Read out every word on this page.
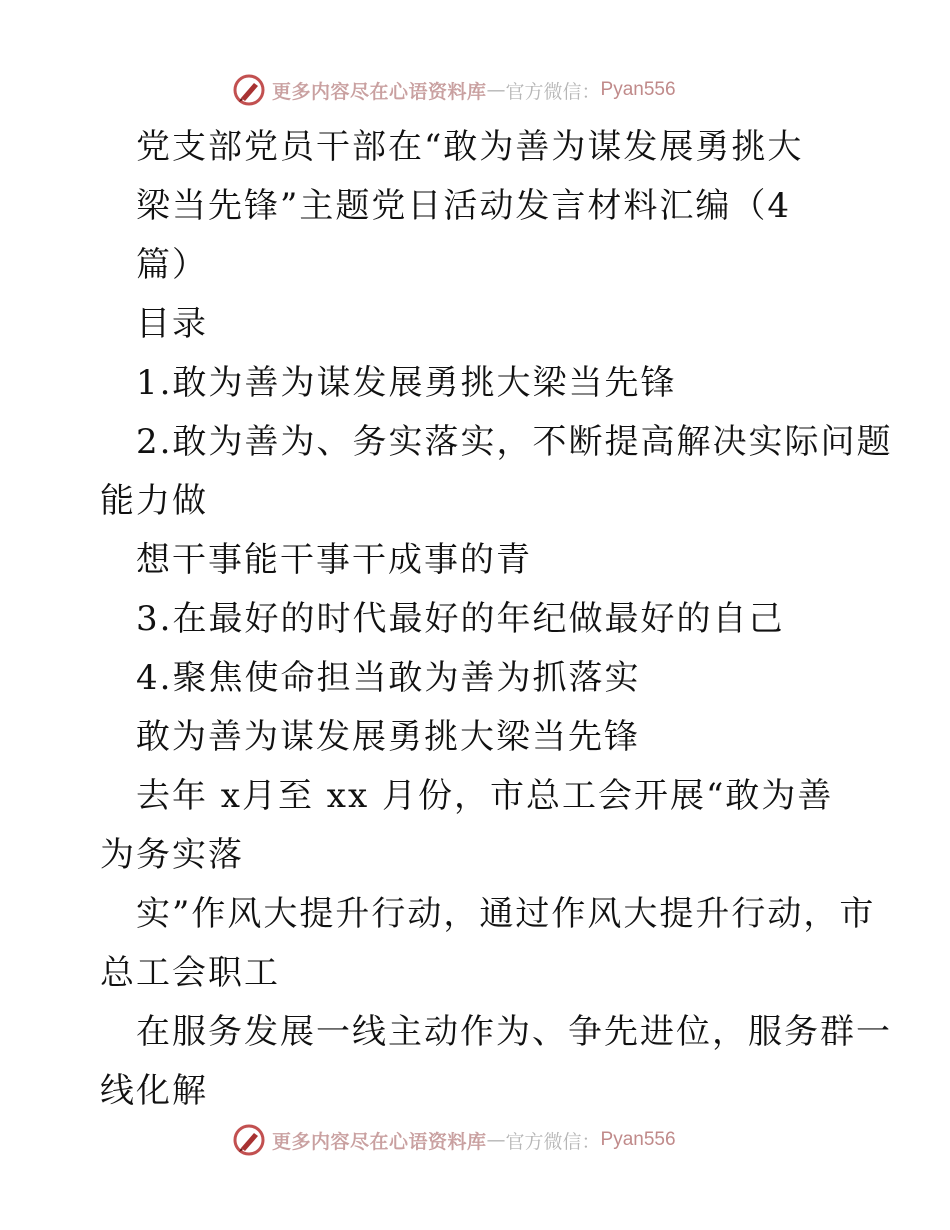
更多内容尽在心语资料库 — 官方微信： Pyan556
党支部党员干部在“敢为善为谋发展勇挑大
梁当先锋”主题党日活动发言材料汇编（4
篇）
目录
1.敢为善为谋发展勇挑大梁当先锋
2.敢为善为、务实落实，不断提高解决实际问题
能力做
想干事能干事干成事的青
3.在最好的时代最好的年纪做最好的自己
4.聚焦使命担当敢为善为抓落实
敢为善为谋发展勇挑大梁当先锋
去年 x月至 xx 月份，市总工会开展“敢为善
为务实落
实”作风大提升行动，通过作风大提升行动，市
总工会职工
在服务发展一线主动作为、争先进位，服务群一
线化解
更多内容尽在心语资料库 — 官方微信： Pyan556
